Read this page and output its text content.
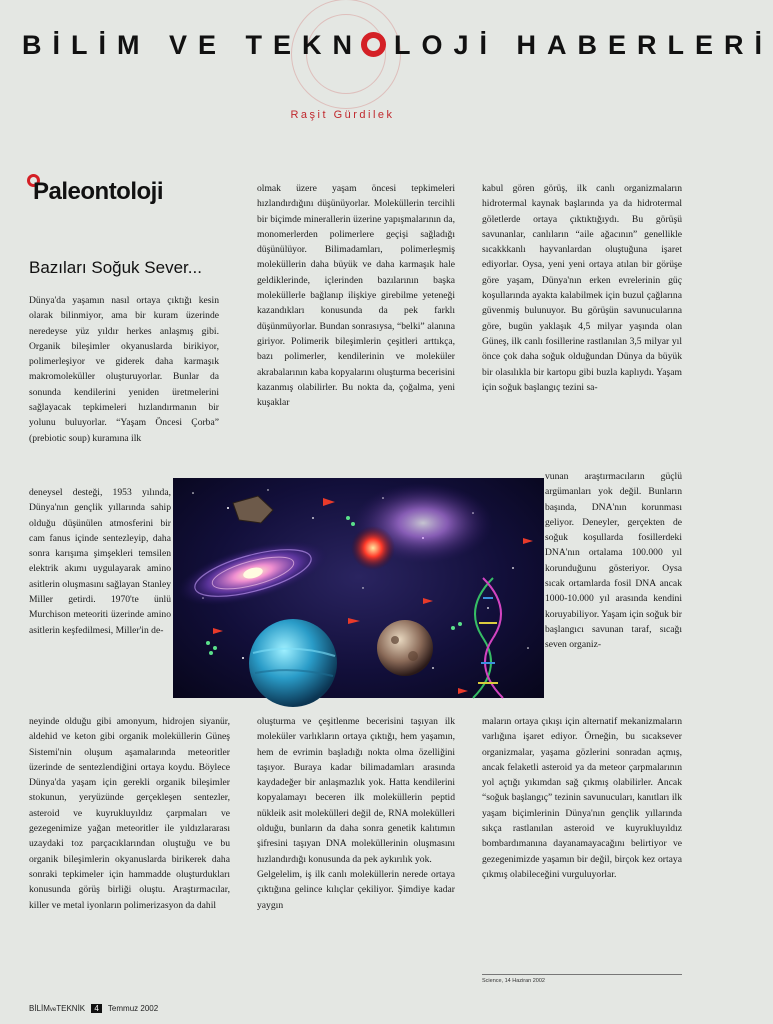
BİLİM VE TEKN LOJİ HABERLERİ
Raşit Gürdilek
Paleontoloji
Bazıları Soğuk Sever...

Dünya'da yaşamın nasıl ortaya çıktığı kesin olarak bilinmiyor, ama bir kuram üzerinde neredeyse yüz yıldır herkes anlaşmış gibi. Organik bileşimler okyanuslarda birikiyor, polimerleşiyor ve giderek daha karmaşık makromoleküller oluşturuyorlar. Bunlar da sonunda kendilerini yeniden üretmelerini sağlayacak tepkimeleri hızlandırmanın bir yolunu buluyorlar. “Yaşam Öncesi Çorba” (prebiotic soup) kuramına ilk

deneysel desteği, 1953 yılında, Dünya'nın gençlik yıllarında sahip olduğu düşünülen atmosferini bir cam fanus içinde sentezleyip, daha sonra karışıma şimşekleri temsilen elektrik akımı uygulayarak amino asitlerin oluşmasını sağlayan Stanley Miller getirdi. 1970'te ünlü Murchison meteoriti üzerinde amino asitlerin keşfedilmesi, Miller'in de-

neyinde olduğu gibi amonyum, hidrojen siyanür, aldehid ve keton gibi organik moleküllerin Güneş Sistemi'nin oluşum aşamalarında meteoritler üzerinde de sentezlendiğini ortaya koydu. Böylece Dünya'da yaşam için gerekli organik bileşimler stokunun, yeryüzünde gerçekleşen sentezler, asteroid ve kuyrukluyıldız çarpmaları ve gezegenimize yağan meteoritler ile yıldızlararası uzaydaki toz parçacıklarından oluştuğu ve bu organik bileşimlerin okyanuslarda birikerek daha sonraki tepkimeler için hammadde oluşturdukları konusunda görüş birliği oluştu. Araştırmacılar, killer ve metal iyonların polimerizasyon da dahil

olmak üzere yaşam öncesi tepkimeleri hızlandırdığını düşünüyorlar. Moleküllerin tercihli bir biçimde minerallerin üzerine yapışmalarının da, monomerlerden polimerlere geçişi sağladığı düşünülüyor. Bilimadamları, polimerleşmiş moleküllerin daha büyük ve daha karmaşık hale geldiklerinde, içlerinden bazılarının başka moleküllerle bağlanıp ilişkiye girebilme yeteneği kazandıkları konusunda da pek farklı düşünmüyorlar. Bundan sonrasıysa, “belki” alanına giriyor. Polimerik bileşimlerin çeşitleri arttıkça, bazı polimerler, kendilerinin ve moleküler akrabalarının kaba kopyalarını oluşturma becerisini kazanmış olabilirler. Bu nokta da, çoğalma, yeni kuşaklar

oluşturma ve çeşitlenme becerisini taşıyan ilk moleküler varlıkların ortaya çıktığı, hem yaşamın, hem de evrimin başladığı nokta olma özelliğini taşıyor. Buraya kadar bilimadamları arasında kaydadeğer bir anlaşmazlık yok. Hatta kendilerini kopyalamayı beceren ilk moleküllerin peptid nükleik asit molekülleri değil de, RNA molekülleri olduğu, bunların da daha sonra genetik kalıtımın şifresini taşıyan DNA moleküllerinin oluşmasını hızlandırdığı konusunda da pek aykırılık yok.
Gelgelelim, iş ilk canlı moleküllerin nerede ortaya çıktığına gelince kılıçlar çekiliyor. Şimdiye kadar yaygın

kabul gören görüş, ilk canlı organizmaların hidrotermal kaynak başlarında ya da hidrotermal göletlerde ortaya çıktıktığıydı. Bu görüşü savunanlar, canlıların “aile ağacının” genellikle sıcakkkanlı hayvanlardan oluştuğuna işaret ediyorlar. Oysa, yeni yeni ortaya atılan bir görüşe göre yaşam, Dünya'nın erken evrelerinin güç koşullarında ayakta kalabilmek için buzul çağlarına güvenmiş bulunuyor. Bu görüşün savunucularına göre, bugün yaklaşık 4,5 milyar yaşında olan Güneş, ilk canlı fosillerine rastlanılan 3,5 milyar yıl önce çok daha soğuk olduğundan Dünya da büyük bir olasılıkla bir kartopu gibi buzla kaplıydı. Yaşam için soğuk başlangıç tezini sa-

vunan araştırmacıların güçlü argümanları yok değil. Bunların başında, DNA'nın korunması geliyor. Deneyler, gerçekten de soğuk koşullarda fosillerdeki DNA'nın ortalama 100.000 yıl korunduğunu gösteriyor. Oysa sıcak ortamlarda fosil DNA ancak 1000-10.000 yıl arasında kendini koruyabiliyor. Yaşam için soğuk bir başlangıcı savunan taraf, sıcağı seven organiz-

maların ortaya çıkışı için alternatif mekanizmaların varlığına işaret ediyor. Örneğin, bu sıcaksever organizmalar, yaşama gözlerini sonradan açmış, ancak felaketli asteroid ya da meteor çarpmalarının yol açtığı yıkımdan sağ çıkmış olabilirler. Ancak “soğuk başlangıç” tezinin savunucuları, kanıtları ilk yaşam biçimlerinin Dünya'nın gençlik yıllarında sıkça rastlanılan asteroid ve kuyrukluyıldız bombardımanına dayanamayacağını belirtiyor ve gezegenimizde yaşamın bir değil, birçok kez ortaya çıkmış olabileceğini vurguluyorlar.

Science, 14 Haziran 2002
BİLİMveTEKNİK 4 Temmuz 2002
